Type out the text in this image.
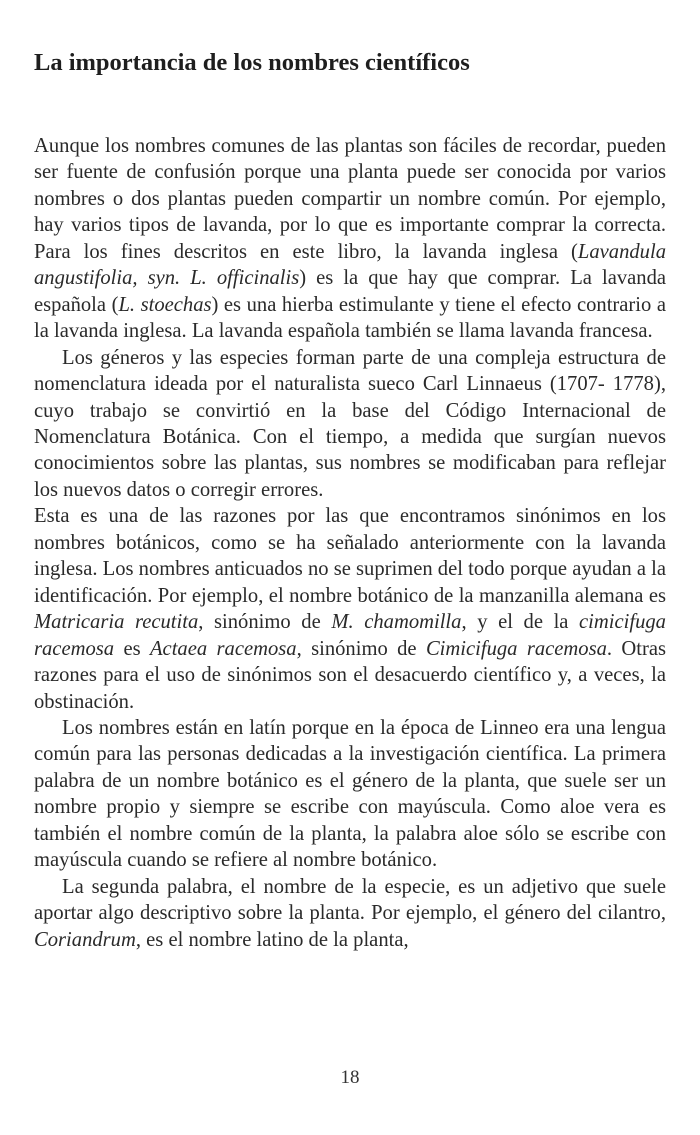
La importancia de los nombres científicos

Aunque los nombres comunes de las plantas son fáciles de recordar, pueden ser fuente de confusión porque una planta puede ser conocida por varios nombres o dos plantas pueden compartir un nombre común. Por ejemplo, hay varios tipos de lavanda, por lo que es importante comprar la correcta. Para los fines descritos en este libro, la lavanda inglesa (Lavandula angustifolia, syn. L. officinalis) es la que hay que comprar. La lavanda española (L. stoechas) es una hierba estimulante y tiene el efecto contrario a la lavanda inglesa. La lavanda española también se llama lavanda francesa.

Los géneros y las especies forman parte de una compleja estructura de nomenclatura ideada por el naturalista sueco Carl Linnaeus (1707- 1778), cuyo trabajo se convirtió en la base del Código Internacional de Nomenclatura Botánica. Con el tiempo, a medida que surgían nuevos conocimientos sobre las plantas, sus nombres se modificaban para reflejar los nuevos datos o corregir errores.

Esta es una de las razones por las que encontramos sinónimos en los nombres botánicos, como se ha señalado anteriormente con la lavanda inglesa. Los nombres anticuados no se suprimen del todo porque ayudan a la identificación. Por ejemplo, el nombre botánico de la manzanilla alemana es Matricaria recutita, sinónimo de M. chamomilla, y el de la cimicifuga racemosa es Actaea racemosa, sinónimo de Cimicifuga racemosa. Otras razones para el uso de sinónimos son el desacuerdo científico y, a veces, la obstinación.

Los nombres están en latín porque en la época de Linneo era una lengua común para las personas dedicadas a la investigación científica. La primera palabra de un nombre botánico es el género de la planta, que suele ser un nombre propio y siempre se escribe con mayúscula. Como aloe vera es también el nombre común de la planta, la palabra aloe sólo se escribe con mayúscula cuando se refiere al nombre botánico.

La segunda palabra, el nombre de la especie, es un adjetivo que suele aportar algo descriptivo sobre la planta. Por ejemplo, el género del cilantro, Coriandrum, es el nombre latino de la planta,

18
